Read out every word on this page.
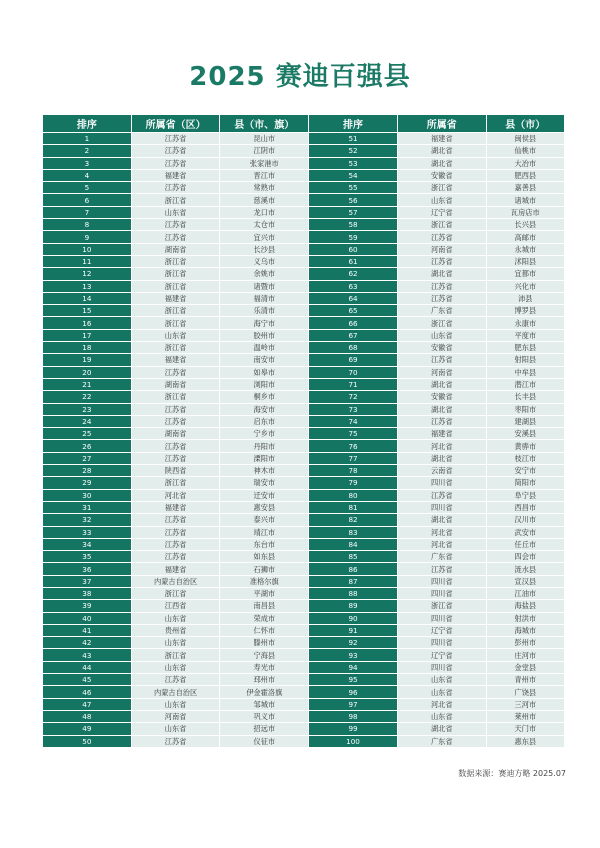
2025 赛迪百强县
排序	所属省（区）	县（市、旗）	排序	所属省	县（市）
1	江苏省	昆山市	51	福建省	闽侯县
2	江苏省	江阴市	52	湖北省	仙桃市
3	江苏省	张家港市	53	湖北省	大冶市
4	福建省	晋江市	54	安徽省	肥西县
5	江苏省	常熟市	55	浙江省	嘉善县
6	浙江省	慈溪市	56	山东省	诸城市
7	山东省	龙口市	57	辽宁省	瓦房店市
8	江苏省	太仓市	58	浙江省	长兴县
9	江苏省	宜兴市	59	江苏省	高邮市
10	湖南省	长沙县	60	河南省	永城市
11	浙江省	义乌市	61	江苏省	沭阳县
12	浙江省	余姚市	62	湖北省	宜都市
13	浙江省	诸暨市	63	江苏省	兴化市
14	福建省	福清市	64	江苏省	沛县
15	浙江省	乐清市	65	广东省	博罗县
16	浙江省	海宁市	66	浙江省	永康市
17	山东省	胶州市	67	山东省	平度市
18	浙江省	温岭市	68	安徽省	肥东县
19	福建省	南安市	69	江苏省	射阳县
20	江苏省	如皋市	70	河南省	中牟县
21	湖南省	浏阳市	71	湖北省	潜江市
22	浙江省	桐乡市	72	安徽省	长丰县
23	江苏省	海安市	73	湖北省	枣阳市
24	江苏省	启东市	74	江苏省	建湖县
25	湖南省	宁乡市	75	福建省	安溪县
26	江苏省	丹阳市	76	河北省	黄骅市
27	江苏省	溧阳市	77	湖北省	枝江市
28	陕西省	神木市	78	云南省	安宁市
29	浙江省	瑞安市	79	四川省	简阳市
30	河北省	迁安市	80	江苏省	阜宁县
31	福建省	惠安县	81	四川省	西昌市
32	江苏省	泰兴市	82	湖北省	汉川市
33	江苏省	靖江市	83	河北省	武安市
34	江苏省	东台市	84	河北省	任丘市
35	江苏省	如东县	85	广东省	四会市
36	福建省	石狮市	86	江苏省	涟水县
37	内蒙古自治区	准格尔旗	87	四川省	宣汉县
38	浙江省	平湖市	88	四川省	江油市
39	江西省	南昌县	89	浙江省	海盐县
40	山东省	荣成市	90	四川省	射洪市
41	贵州省	仁怀市	91	辽宁省	海城市
42	山东省	滕州市	92	四川省	彭州市
43	浙江省	宁海县	93	辽宁省	庄河市
44	山东省	寿光市	94	四川省	金堂县
45	江苏省	邳州市	95	山东省	青州市
46	内蒙古自治区	伊金霍洛旗	96	山东省	广饶县
47	山东省	邹城市	97	河北省	三河市
48	河南省	巩义市	98	山东省	莱州市
49	山东省	招远市	99	湖北省	天门市
50	江苏省	仪征市	100	广东省	惠东县
数据来源：赛迪方略 2025.07
